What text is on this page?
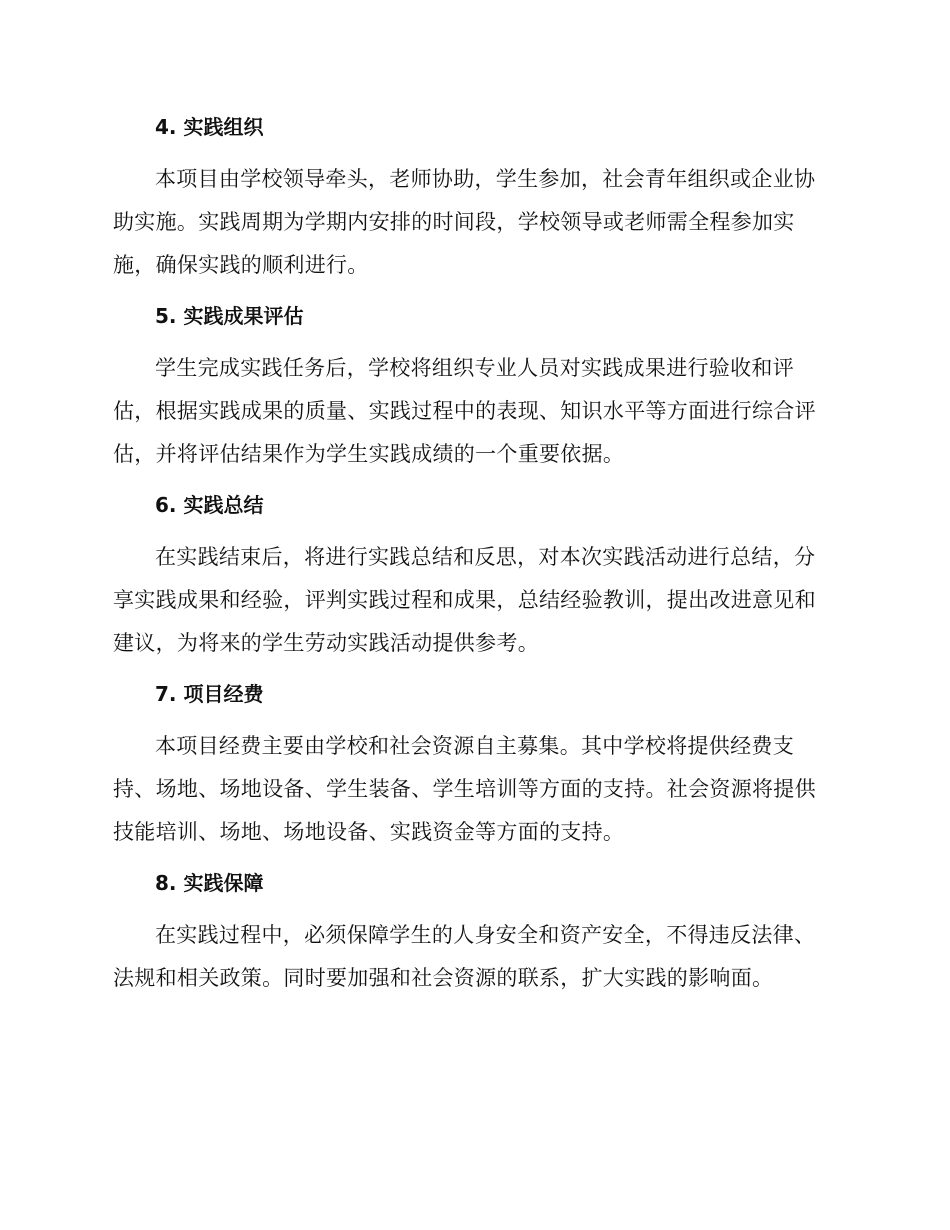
4. 实践组织

本项目由学校领导牵头，老师协助，学生参加，社会青年组织或企业协
助实施。实践周期为学期内安排的时间段，学校领导或老师需全程参加实
施，确保实践的顺利进行。

5. 实践成果评估

学生完成实践任务后，学校将组织专业人员对实践成果进行验收和评
估，根据实践成果的质量、实践过程中的表现、知识水平等方面进行综合评
估，并将评估结果作为学生实践成绩的一个重要依据。

6. 实践总结

在实践结束后，将进行实践总结和反思，对本次实践活动进行总结，分
享实践成果和经验，评判实践过程和成果，总结经验教训，提出改进意见和
建议，为将来的学生劳动实践活动提供参考。

7. 项目经费

本项目经费主要由学校和社会资源自主募集。其中学校将提供经费支
持、场地、场地设备、学生装备、学生培训等方面的支持。社会资源将提供
技能培训、场地、场地设备、实践资金等方面的支持。

8. 实践保障

在实践过程中，必须保障学生的人身安全和资产安全，不得违反法律、
法规和相关政策。同时要加强和社会资源的联系，扩大实践的影响面。
